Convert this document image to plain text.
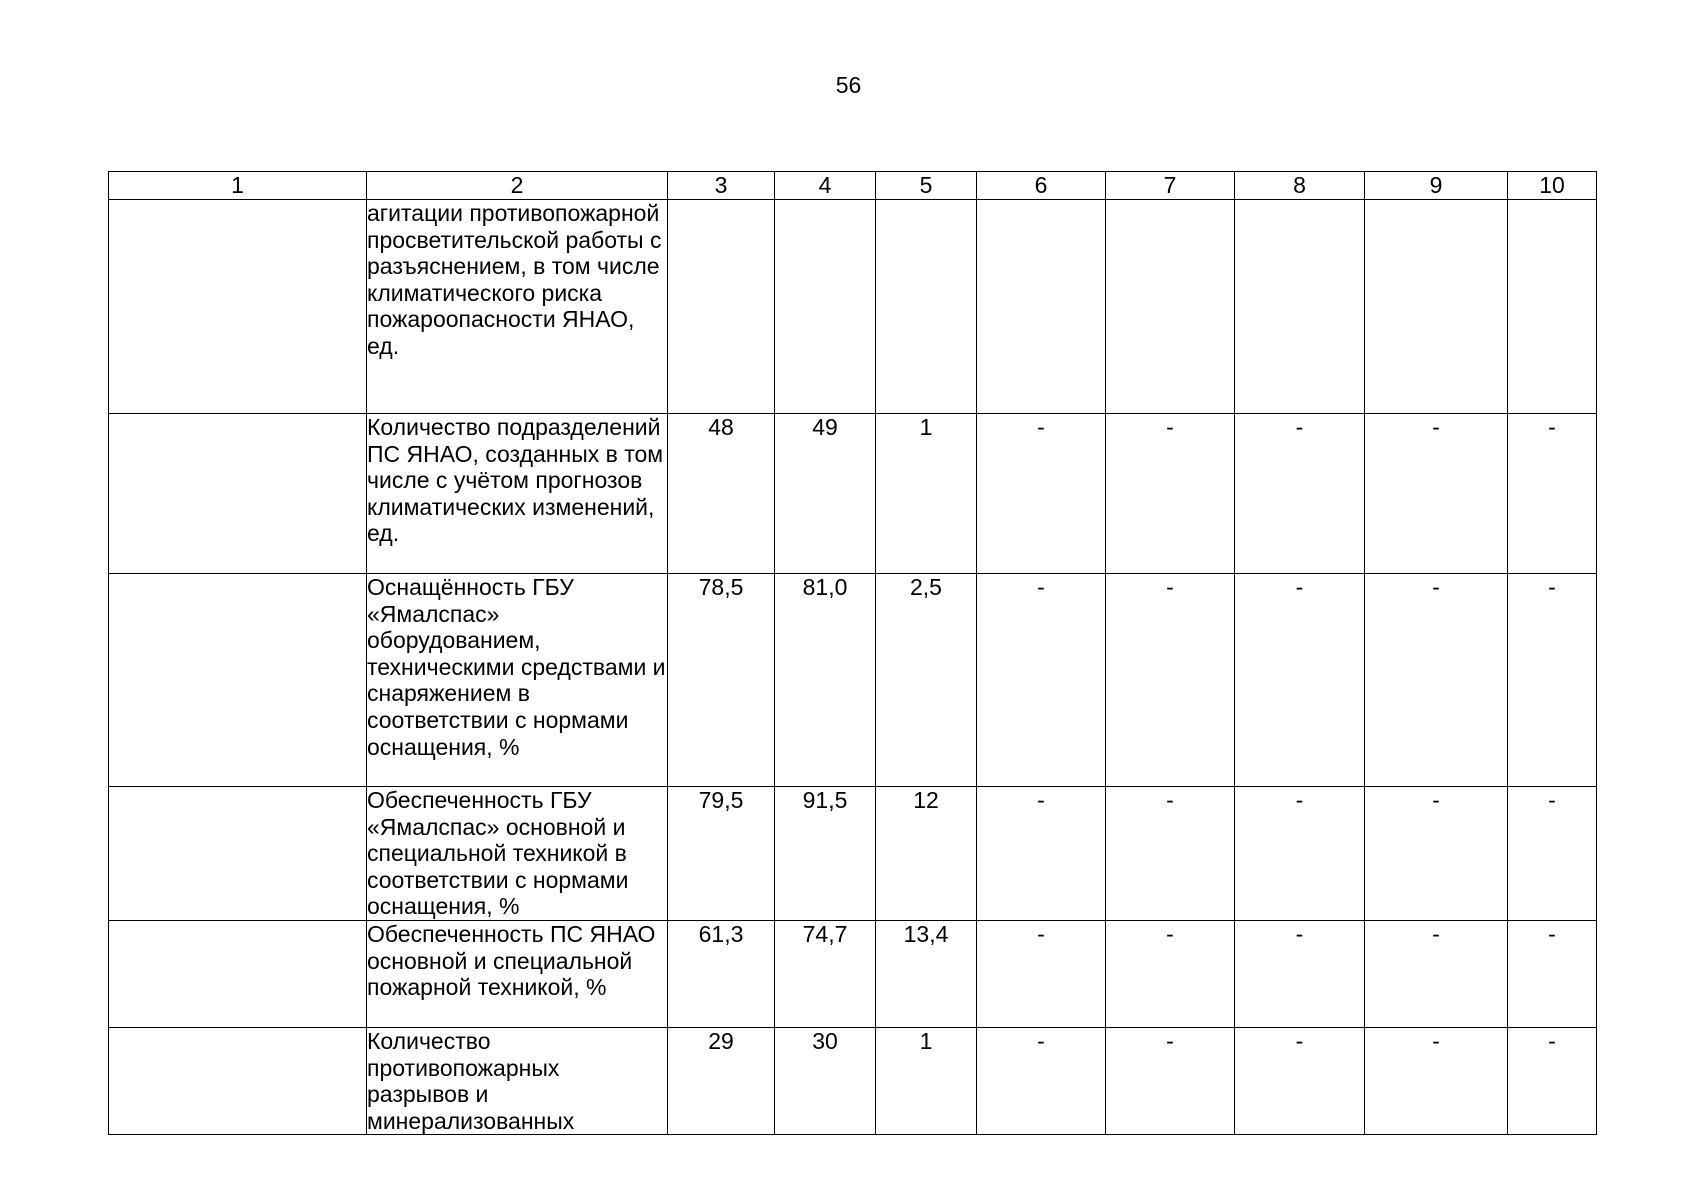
56
1	2	3	4	5	6	7	8	9	10
	агитации противопожарной просветительской работы с разъяснением, в том числе климатического риска пожароопасности ЯНАО, ед.								
	Количество подразделений ПС ЯНАО, созданных в том числе с учётом прогнозов климатических изменений, ед.	48	49	1	-	-	-	-	-
	Оснащённость ГБУ «Ямалспас» оборудованием, техническими средствами и снаряжением в соответствии с нормами оснащения, %	78,5	81,0	2,5	-	-	-	-	-
	Обеспеченность ГБУ «Ямалспас» основной и специальной техникой в соответствии с нормами оснащения, %	79,5	91,5	12	-	-	-	-	-
	Обеспеченность ПС ЯНАО основной и специальной пожарной техникой, %	61,3	74,7	13,4	-	-	-	-	-
	Количество противопожарных разрывов и минерализованных	29	30	1	-	-	-	-	-
